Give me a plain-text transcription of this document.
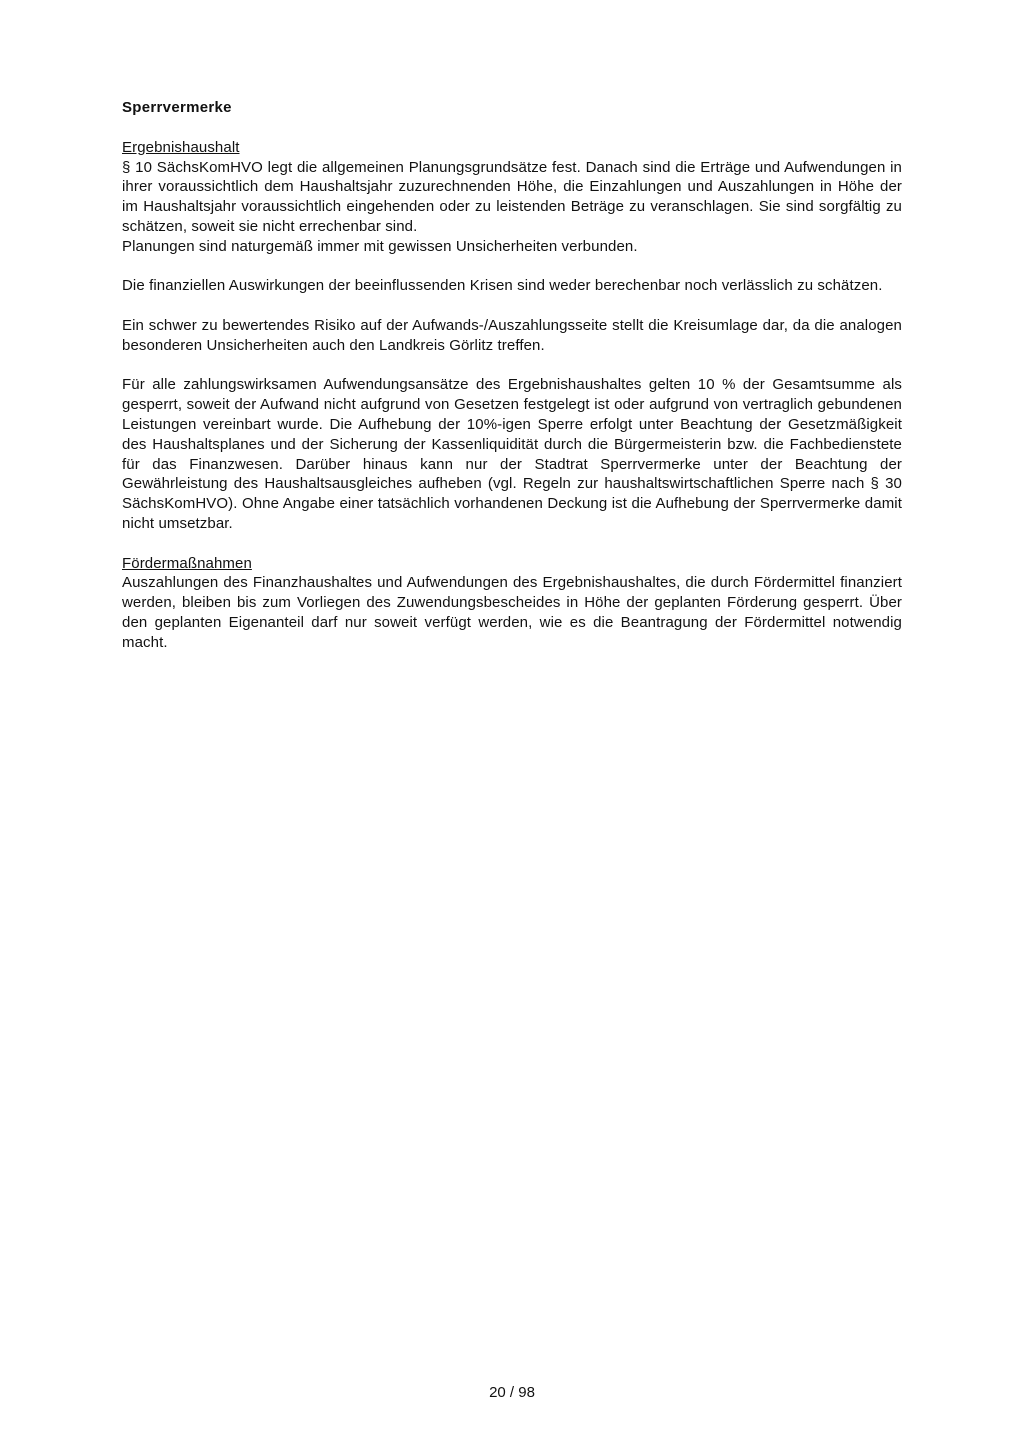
Sperrvermerke
Ergebnishaushalt

§ 10 SächsKomHVO legt die allgemeinen Planungsgrundsätze fest. Danach sind die Erträge und Aufwendungen in ihrer voraussichtlich dem Haushaltsjahr zuzurechnenden Höhe, die Einzahlungen und Auszahlungen in Höhe der im Haushaltsjahr voraussichtlich eingehenden oder zu leistenden Beträge zu veranschlagen. Sie sind sorgfältig zu schätzen, soweit sie nicht errechenbar sind.

Planungen sind naturgemäß immer mit gewissen Unsicherheiten verbunden.

Die finanziellen Auswirkungen der beeinflussenden Krisen sind weder berechenbar noch verlässlich zu schätzen.

Ein schwer zu bewertendes Risiko auf der Aufwands-/Auszahlungsseite stellt die Kreisumlage dar, da die analogen besonderen Unsicherheiten auch den Landkreis Görlitz treffen.

Für alle zahlungswirksamen Aufwendungsansätze des Ergebnishaushaltes gelten 10 % der Gesamtsumme als gesperrt, soweit der Aufwand nicht aufgrund von Gesetzen festgelegt ist oder aufgrund von vertraglich gebundenen Leistungen vereinbart wurde. Die Aufhebung der 10%-igen Sperre erfolgt unter Beachtung der Gesetzmäßigkeit des Haushaltsplanes und der Sicherung der Kassenliquidität durch die Bürgermeisterin bzw. die Fachbedienstete für das Finanzwesen. Darüber hinaus kann nur der Stadtrat Sperrvermerke unter der Beachtung der Gewährleistung des Haushaltsausgleiches aufheben (vgl. Regeln zur haushaltswirtschaftlichen Sperre nach § 30 SächsKomHVO). Ohne Angabe einer tatsächlich vorhandenen Deckung ist die Aufhebung der Sperrvermerke damit nicht umsetzbar.

Fördermaßnahmen

Auszahlungen des Finanzhaushaltes und Aufwendungen des Ergebnishaushaltes, die durch Fördermittel finanziert werden, bleiben bis zum Vorliegen des Zuwendungsbescheides in Höhe der geplanten Förderung gesperrt. Über den geplanten Eigenanteil darf nur soweit verfügt werden, wie es die Beantragung der Fördermittel notwendig macht.

20 / 98
